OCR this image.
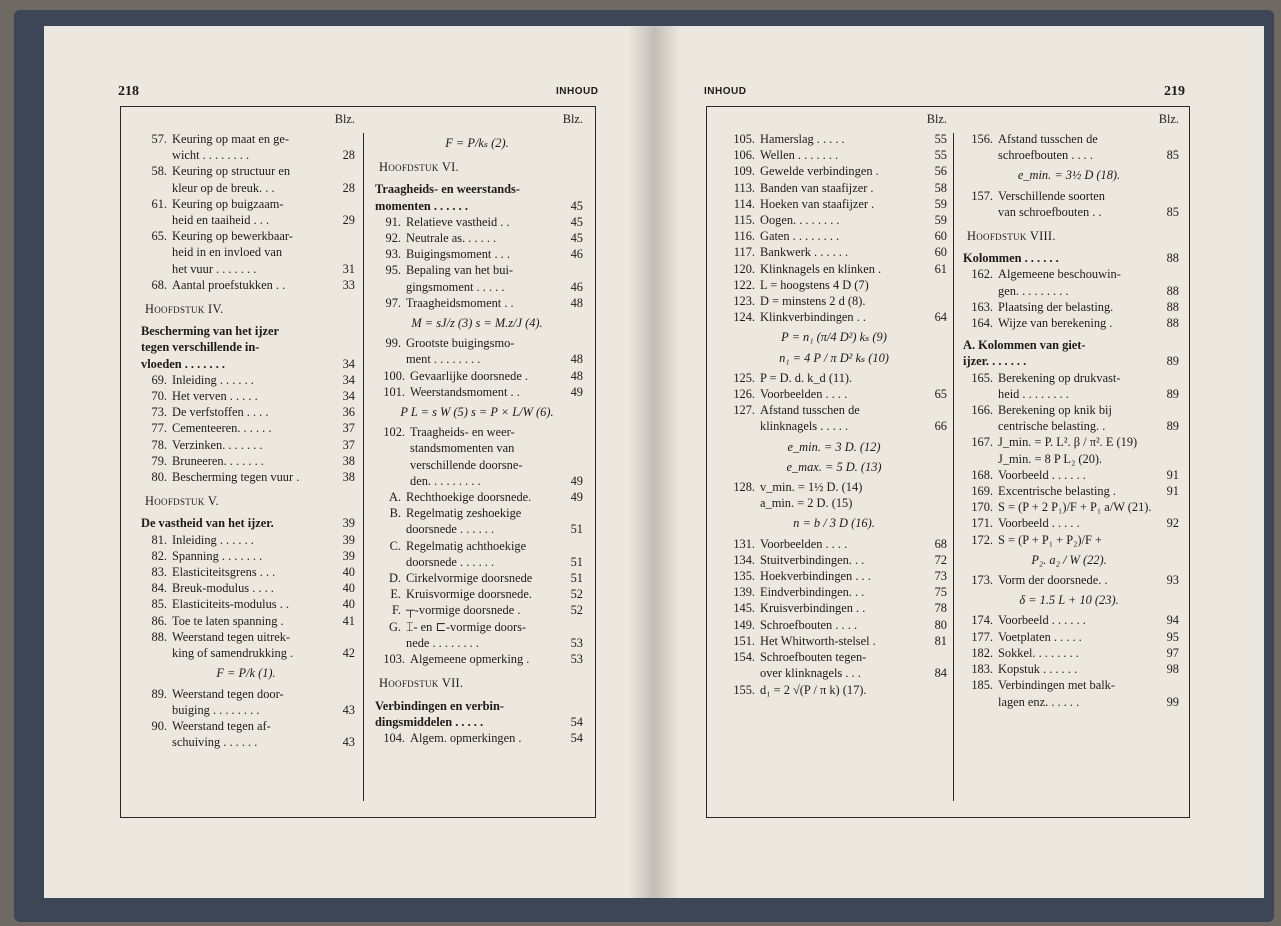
218	INHOUD
Blz.
57. Keuring op maat en ge-
wicht . . . . . . . .	28
58. Keuring op structuur en
kleur op de breuk. . .	28
61. Keuring op buigzaam-
heid en taaiheid . . .	29
65. Keuring op bewerkbaar-
heid in en invloed van
het vuur . . . . . . .	31
68. Aantal proefstukken . .	33
Hoofdstuk IV.
Bescherming van het ijzer
tegen verschillende in-
vloeden . . . . . . .	34
69. Inleiding . . . . . .	34
70. Het verven . . . . .	34
73. De verfstoffen . . . .	36
77. Cementeeren. . . . . .	37
78. Verzinken. . . . . . .	37
79. Bruneeren. . . . . . .	38
80. Bescherming tegen vuur .	38
Hoofdstuk V.
De vastheid van het ijzer.	39
81. Inleiding . . . . . .	39
82. Spanning . . . . . . .	39
83. Elasticiteitsgrens . . .	40
84. Breuk-modulus . . . .	40
85. Elasticiteits-modulus . .	40
86. Toe te laten spanning .	41
88. Weerstand tegen uitrek-
king of samendrukking .	42
F = P/k (1).
89. Weerstand tegen door-
buiging . . . . . . . .	43
90. Weerstand tegen af-
schuiving . . . . . .	43
Blz.
F = P/kₛ (2).
Hoofdstuk VI.
Traagheids- en weerstands-
momenten . . . . . .	45
91. Relatieve vastheid . .	45
92. Neutrale as. . . . . .	45
93. Buigingsmoment . . .	46
95. Bepaling van het bui-
gingsmoment . . . . .	46
97. Traagheidsmoment . .	48
M = sJ/z (3) s = M.z/J (4).
99. Grootste buigingsmo-
ment . . . . . . . .	48
100. Gevaarlijke doorsnede .	48
101. Weerstandsmoment . .	49
P L = s W (5) s = P × L/W (6).
102. Traagheids- en weer-
standsmomenten van
verschillende doorsne-
den. . . . . . . . .	49
A. Rechthoekige doorsnede.	49
B. Regelmatig zeshoekige
doorsnede . . . . . .	51
C. Regelmatig achthoekige
doorsnede . . . . . .	51
D. Cirkelvormige doorsnede	51
E. Kruisvormige doorsnede.	52
F. ┬-vormige doorsnede .	52
G. ⌶- en ⊏-vormige doors-
nede . . . . . . . .	53
103. Algemeene opmerking .	53
Hoofdstuk VII.
Verbindingen en verbin-
dingsmiddelen . . . . .	54
104. Algem. opmerkingen .	54
INHOUD	219
Blz.
105. Hamerslag . . . . .	55
106. Wellen . . . . . . .	55
109. Gewelde verbindingen .	56
113. Banden van staafijzer .	58
114. Hoeken van staafijzer .	59
115. Oogen. . . . . . . .	59
116. Gaten . . . . . . . .	60
117. Bankwerk . . . . . .	60
120. Klinknagels en klinken .	61
122. L = hoogstens 4 D (7)
123. D = minstens 2 d (8).
124. Klinkverbindingen . .	64
P = n₁ (π/4 D²) kₛ (9)
n₁ = 4 P / π D² kₛ (10)
125. P = D. d. k_d (11).
126. Voorbeelden . . . .	65
127. Afstand tusschen de
klinknagels . . . . .	66
e_min. = 3 D. (12)
e_max. = 5 D. (13)
128. v_min. = 1½ D. (14)
a_min. = 2 D. (15)
n = b / 3 D (16).
131. Voorbeelden . . . .	68
134. Stuitverbindingen. . .	72
135. Hoekverbindingen . . .	73
139. Eindverbindingen. . .	75
145. Kruisverbindingen . .	78
149. Schroefbouten . . . .	80
151. Het Whitworth-stelsel .	81
154. Schroefbouten tegen-
over klinknagels . . .	84
155. d₁ = 2 √(P / π k) (17).
Blz.
156. Afstand tusschen de
schroefbouten . . . .	85
e_min. = 3½ D (18).
157. Verschillende soorten
van schroefbouten . .	85
Hoofdstuk VIII.
Kolommen . . . . . .	88
162. Algemeene beschouwin-
gen. . . . . . . . .	88
163. Plaatsing der belasting.	88
164. Wijze van berekening .	88
A. Kolommen van giet-
ijzer. . . . . . .	89
165. Berekening op drukvast-
heid . . . . . . . .	89
166. Berekening op knik bij
centrische belasting. .	89
167. J_min. = P. L². β / π². E (19)
J_min. = 8 P L₂ (20).
168. Voorbeeld . . . . . .	91
169. Excentrische belasting .	91
170. S = (P + 2 P₁)/F + P₁ a/W (21).
171. Voorbeeld . . . . .	92
172. S = (P + P₁ + P₂)/F +
P₂. a₂ / W (22).
173. Vorm der doorsnede. .	93
δ = 1.5 L + 10 (23).
174. Voorbeeld . . . . . .	94
177. Voetplaten . . . . .	95
182. Sokkel. . . . . . . .	97
183. Kopstuk . . . . . .	98
185. Verbindingen met balk-
lagen enz. . . . . .	99
